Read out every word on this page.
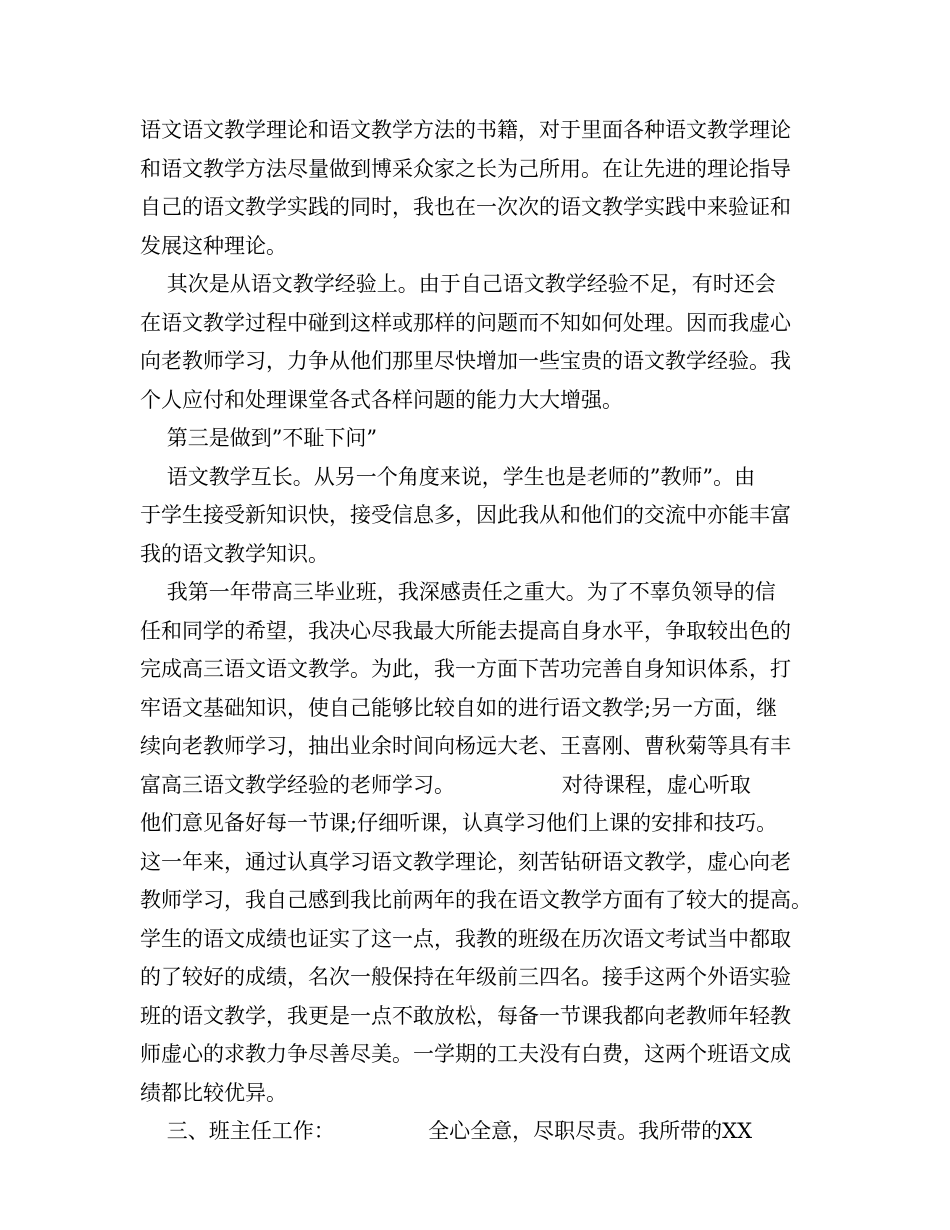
语文语文教学理论和语文教学方法的书籍，对于里面各种语文教学理论
和语文教学方法尽量做到博采众家之长为己所用。在让先进的理论指导
自己的语文教学实践的同时，我也在一次次的语文教学实践中来验证和
发展这种理论。
其次是从语文教学经验上。由于自己语文教学经验不足，有时还会
在语文教学过程中碰到这样或那样的问题而不知如何处理。因而我虚心
向老教师学习，力争从他们那里尽快增加一些宝贵的语文教学经验。我
个人应付和处理课堂各式各样问题的能力大大增强。
第三是做到”不耻下问”
语文教学互长。从另一个角度来说，学生也是老师的”教师”。由
于学生接受新知识快，接受信息多，因此我从和他们的交流中亦能丰富
我的语文教学知识。
我第一年带高三毕业班，我深感责任之重大。为了不辜负领导的信
任和同学的希望，我决心尽我最大所能去提高自身水平，争取较出色的
完成高三语文语文教学。为此，我一方面下苦功完善自身知识体系，打
牢语文基础知识，使自己能够比较自如的进行语文教学;另一方面，继
续向老教师学习，抽出业余时间向杨远大老、王喜刚、曹秋菊等具有丰
富高三语文教学经验的老师学习。                对待课程，虚心听取
他们意见备好每一节课;仔细听课，认真学习他们上课的安排和技巧。
这一年来，通过认真学习语文教学理论，刻苦钻研语文教学，虚心向老
教师学习，我自己感到我比前两年的我在语文教学方面有了较大的提高。
学生的语文成绩也证实了这一点，我教的班级在历次语文考试当中都取
的了较好的成绩，名次一般保持在年级前三四名。接手这两个外语实验
班的语文教学，我更是一点不敢放松，每备一节课我都向老教师年轻教
师虚心的求教力争尽善尽美。一学期的工夫没有白费，这两个班语文成
绩都比较优异。
三、班主任工作：              全心全意，尽职尽责。我所带的XX
